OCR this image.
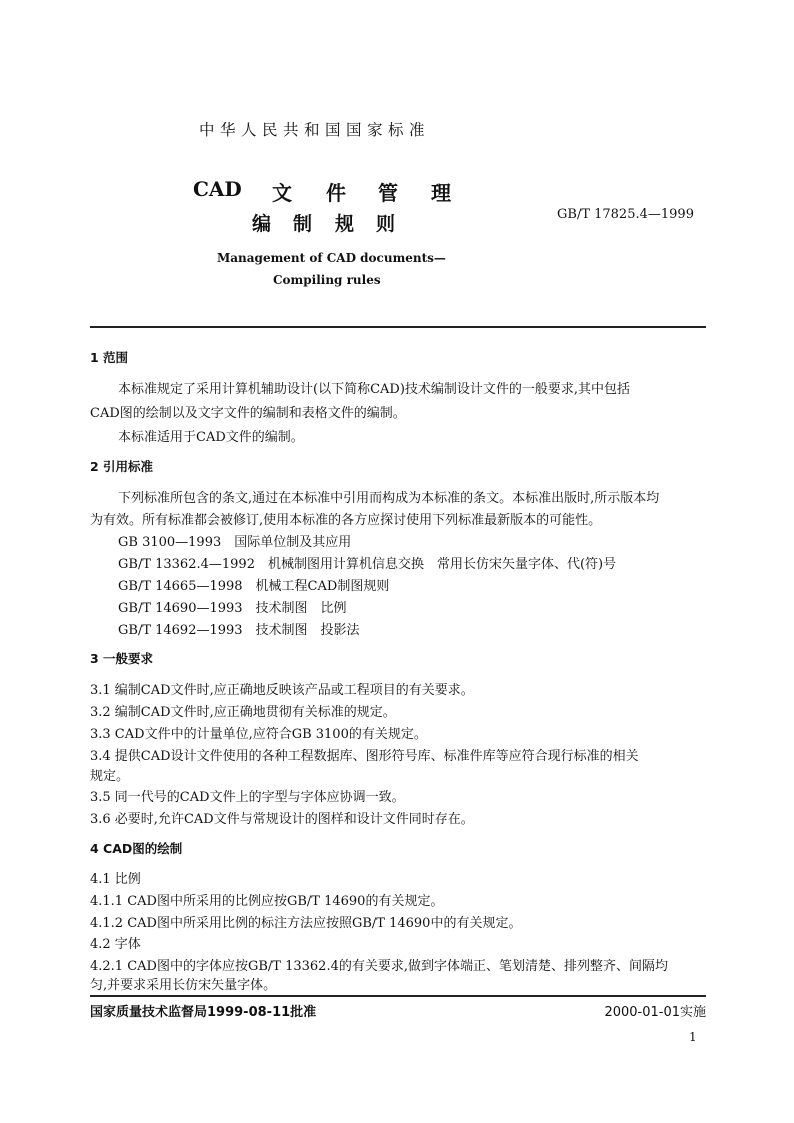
中华人民共和国国家标准
CAD 文 件 管 理
编 制 规 则	GB/T 17825.4—1999
Management of CAD documents—
Compiling rules
1 范围
本标准规定了采用计算机辅助设计(以下简称CAD)技术编制设计文件的一般要求,其中包括
CAD图的绘制以及文字文件的编制和表格文件的编制。
本标准适用于CAD文件的编制。
2 引用标准
下列标准所包含的条文,通过在本标准中引用而构成为本标准的条文。本标准出版时,所示版本均
为有效。所有标准都会被修订,使用本标准的各方应探讨使用下列标准最新版本的可能性。
GB 3100—1993　国际单位制及其应用
GB/T 13362.4—1992　机械制图用计算机信息交换　常用长仿宋矢量字体、代(符)号
GB/T 14665—1998　机械工程CAD制图规则
GB/T 14690—1993　技术制图　比例
GB/T 14692—1993　技术制图　投影法
3 一般要求
3.1 编制CAD文件时,应正确地反映该产品或工程项目的有关要求。
3.2 编制CAD文件时,应正确地贯彻有关标准的规定。
3.3 CAD文件中的计量单位,应符合GB 3100的有关规定。
3.4 提供CAD设计文件使用的各种工程数据库、图形符号库、标准件库等应符合现行标准的相关
规定。
3.5 同一代号的CAD文件上的字型与字体应协调一致。
3.6 必要时,允许CAD文件与常规设计的图样和设计文件同时存在。
4 CAD图的绘制
4.1 比例
4.1.1 CAD图中所采用的比例应按GB/T 14690的有关规定。
4.1.2 CAD图中所采用比例的标注方法应按照GB/T 14690中的有关规定。
4.2 字体
4.2.1 CAD图中的字体应按GB/T 13362.4的有关要求,做到字体端正、笔划清楚、排列整齐、间隔均
匀,并要求采用长仿宋矢量字体。
国家质量技术监督局1999-08-11批准	2000-01-01实施
1
